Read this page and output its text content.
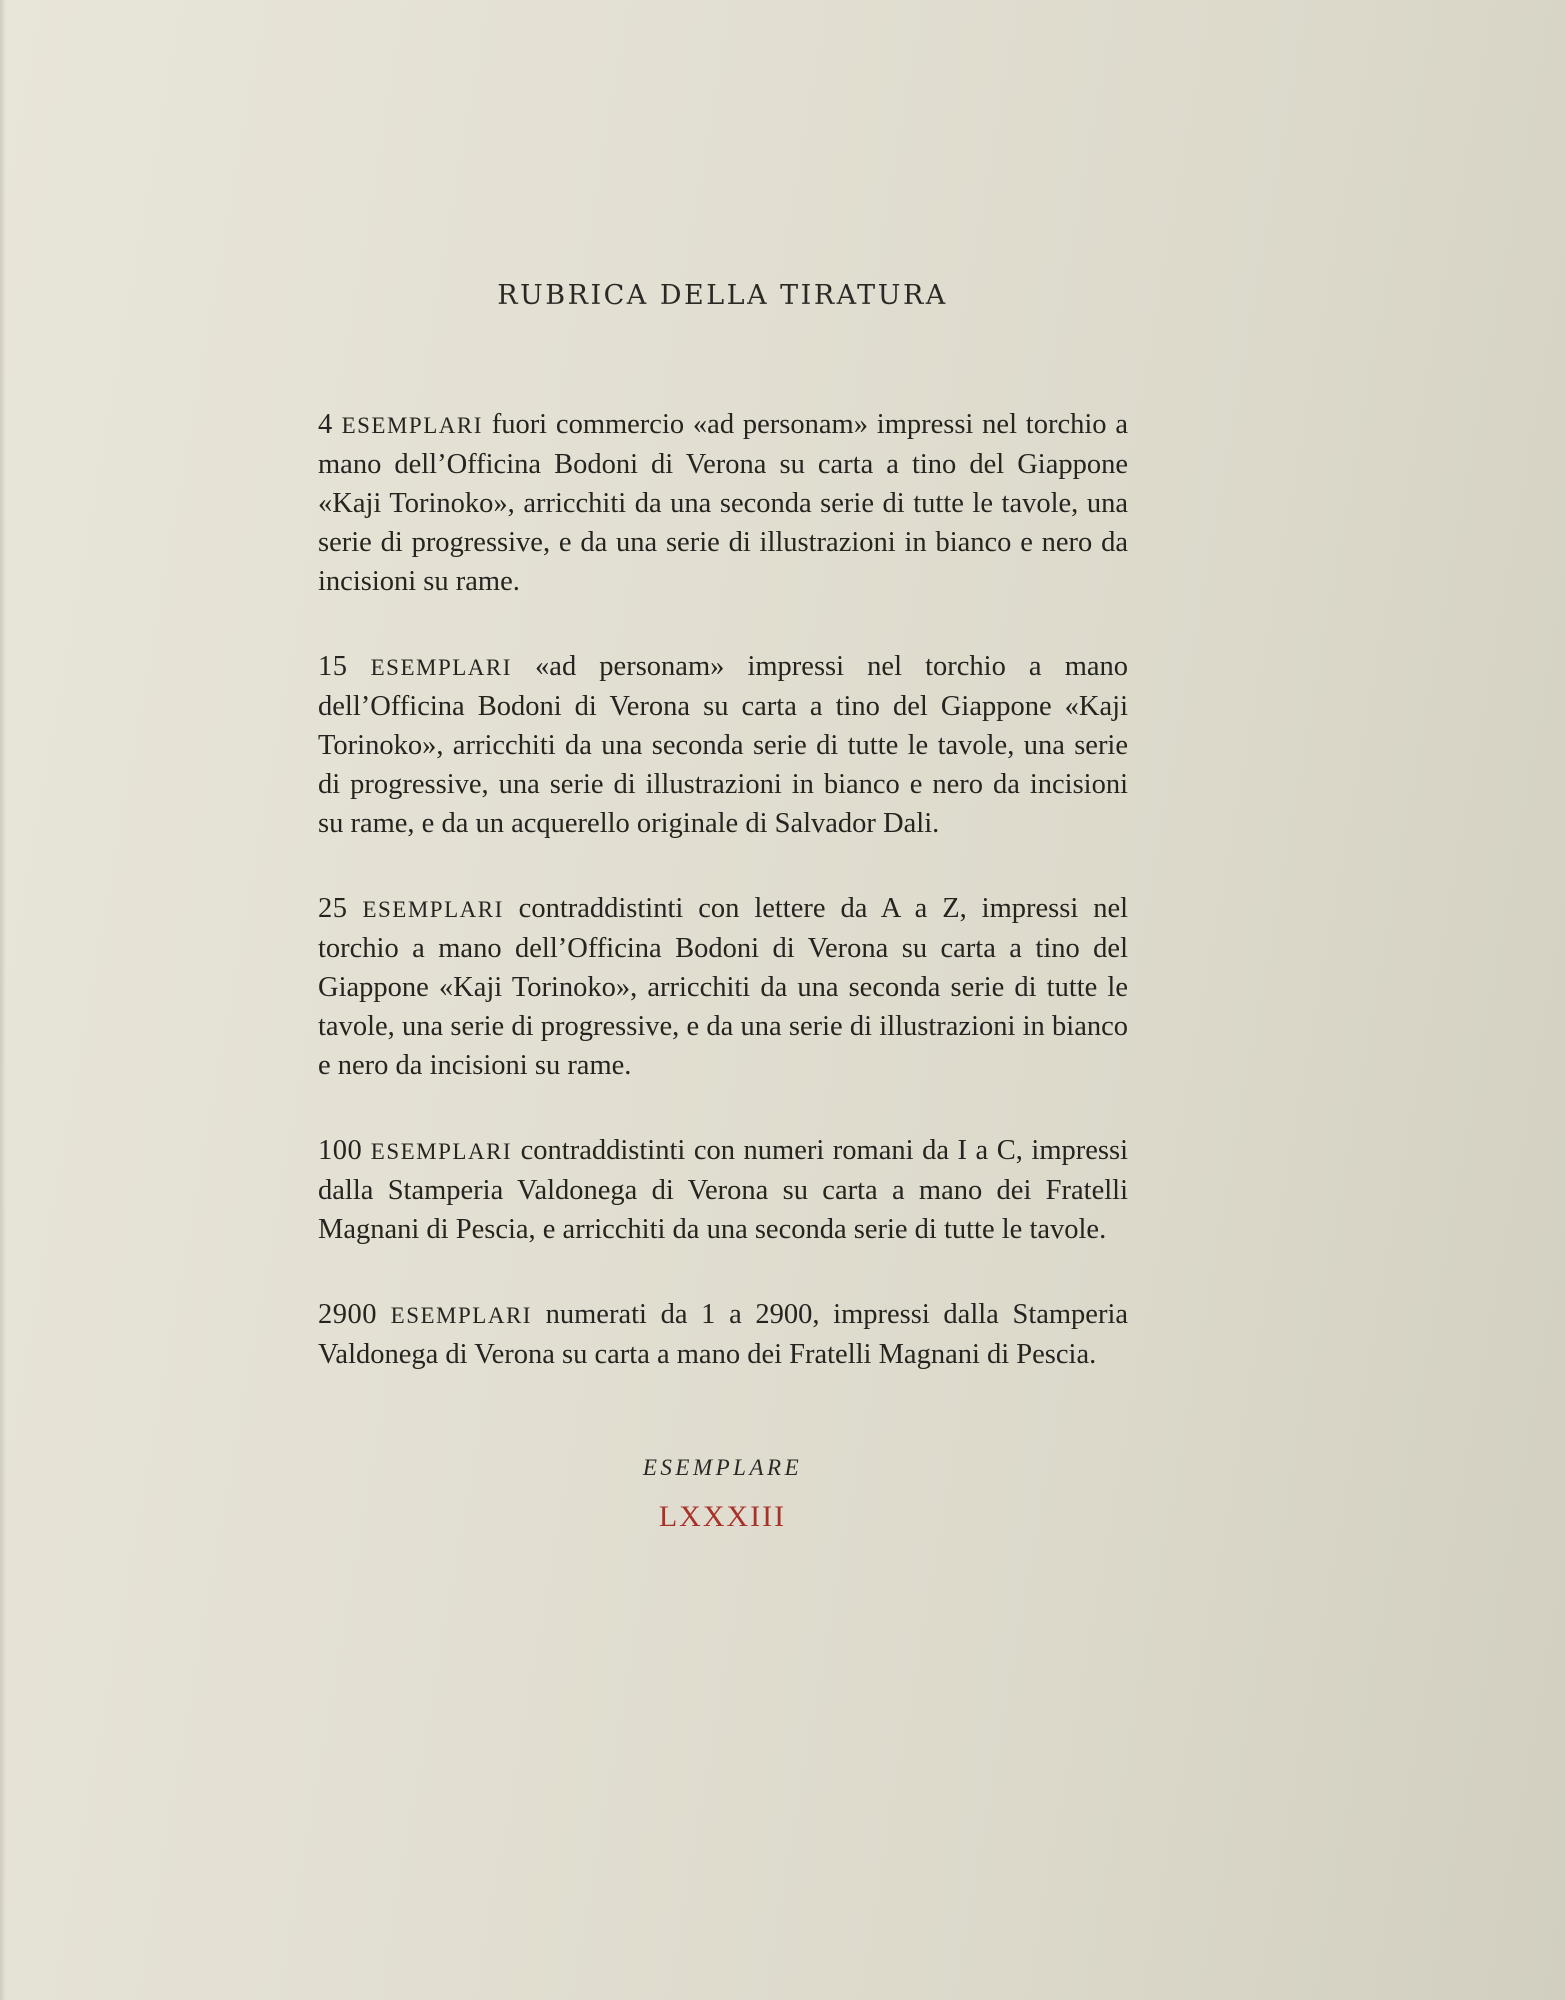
RUBRICA DELLA TIRATURA

4 ESEMPLARI fuori commercio «ad personam» impressi nel torchio a mano dell’Officina Bodoni di Verona su carta a tino del Giappone «Kaji Torinoko», arricchiti da una seconda serie di tutte le tavole, una serie di progressive, e da una serie di illustrazioni in bianco e nero da incisioni su rame.

15 ESEMPLARI «ad personam» impressi nel torchio a mano dell’Officina Bodoni di Verona su carta a tino del Giappone «Kaji Torinoko», arricchiti da una seconda serie di tutte le tavole, una serie di progressive, una serie di illustrazioni in bianco e nero da incisioni su rame, e da un acquerello originale di Salvador Dali.

25 ESEMPLARI contraddistinti con lettere da A a Z, impressi nel torchio a mano dell’Officina Bodoni di Verona su carta a tino del Giappone «Kaji Torinoko», arricchiti da una seconda serie di tutte le tavole, una serie di progressive, e da una serie di illustrazioni in bianco e nero da incisioni su rame.

100 ESEMPLARI contraddistinti con numeri romani da I a C, impressi dalla Stamperia Valdonega di Verona su carta a mano dei Fratelli Magnani di Pescia, e arricchiti da una seconda serie di tutte le tavole.

2900 ESEMPLARI numerati da 1 a 2900, impressi dalla Stamperia Valdonega di Verona su carta a mano dei Fratelli Magnani di Pescia.

ESEMPLARE
LXXXIII
